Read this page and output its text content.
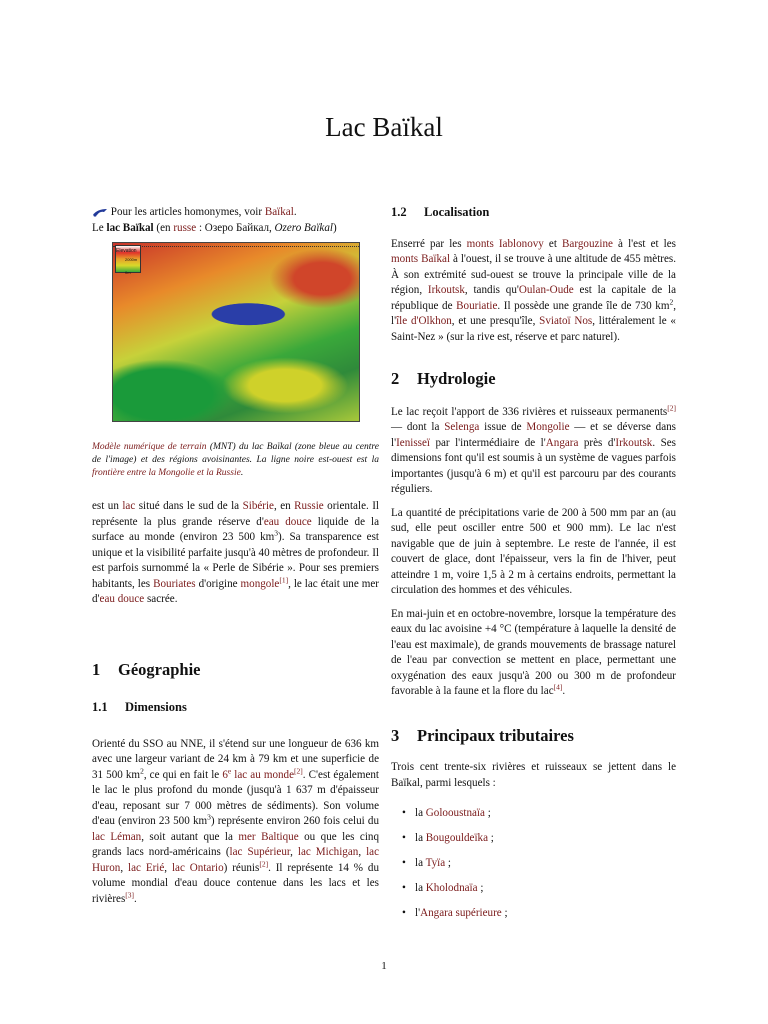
Lac Baïkal
Pour les articles homonymes, voir Baïkal.
Le lac Baïkal (en russe : Озеро Байкал, Ozero Baïkal)
Elevation
2000m
0m

Modèle numérique de terrain (MNT) du lac Baïkal (zone bleue au centre de l'image) et des régions avoisinantes. La ligne noire est-ouest est la frontière entre la Mongolie et la Russie.

est un lac situé dans le sud de la Sibérie, en Russie orientale. Il représente la plus grande réserve d'eau douce liquide de la surface au monde (environ 23 500 $km^3$). Sa transparence est unique et la visibilité parfaite jusqu'à 40 mètres de profondeur. Il est parfois surnommé la « Perle de Sibérie ». Pour ses premiers habitants, les Bouriates d'origine mongole[1], le lac était une mer d'eau douce sacrée.

1 Géographie
1.1 Dimensions

Orienté du SSO au NNE, il s'étend sur une longueur de 636 km avec une largeur variant de 24 km à 79 km et une superficie de 31 500 $km^2$, ce qui en fait le 6e lac au monde[2]. C'est également le lac le plus profond du monde (jusqu'à 1 637 m d'épaisseur d'eau, reposant sur 7 000 mètres de sédiments). Son volume d'eau (environ 23 500 $km^3$) représente environ 260 fois celui du lac Léman, soit autant que la mer Baltique ou que les cinq grands lacs nord-américains (lac Supérieur, lac Michigan, lac Huron, lac Erié, lac Ontario) réunis[2]. Il représente 14 % du volume mondial d'eau douce contenue dans les lacs et les rivières[3].

1.2 Localisation

Enserré par les monts Iablonovy et Bargouzine à l'est et les monts Baïkal à l'ouest, il se trouve à une altitude de 455 mètres. À son extrémité sud-ouest se trouve la principale ville de la région, Irkoutsk, tandis qu'Oulan-Oude est la capitale de la république de Bouriatie. Il possède une grande île de 730 $km^2$, l'île d'Olkhon, et une presqu'île, Sviatoï Nos, littéralement le « Saint-Nez » (sur la rive est, réserve et parc naturel).

2 Hydrologie

Le lac reçoit l'apport de 336 rivières et ruisseaux permanents[2] — dont la Selenga issue de Mongolie — et se déverse dans l'Ienisseï par l'intermédiaire de l'Angara près d'Irkoutsk. Ses dimensions font qu'il est soumis à un système de vagues parfois importantes (jusqu'à 6 m) et qu'il est parcouru par des courants réguliers.

La quantité de précipitations varie de 200 à 500 mm par an (au sud, elle peut osciller entre 500 et 900 mm). Le lac n'est navigable que de juin à septembre. Le reste de l'année, il est couvert de glace, dont l'épaisseur, vers la fin de l'hiver, peut atteindre 1 m, voire 1,5 à 2 m à certains endroits, permettant la circulation des hommes et des véhicules.

En mai-juin et en octobre-novembre, lorsque la température des eaux du lac avoisine +4 °C (température à laquelle la densité de l'eau est maximale), de grands mouvements de brassage naturel de l'eau par convection se mettent en place, permettant une oxygénation des eaux jusqu'à 200 ou 300 m de profondeur favorable à la faune et la flore du lac[4].

3 Principaux tributaires

Trois cent trente-six rivières et ruisseaux se jettent dans le Baïkal, parmi lesquels :

• la Golooustnaïa ;
• la Bougouldeïka ;
• la Tyïa ;
• la Kholodnaïa ;
• l'Angara supérieure ;
1
